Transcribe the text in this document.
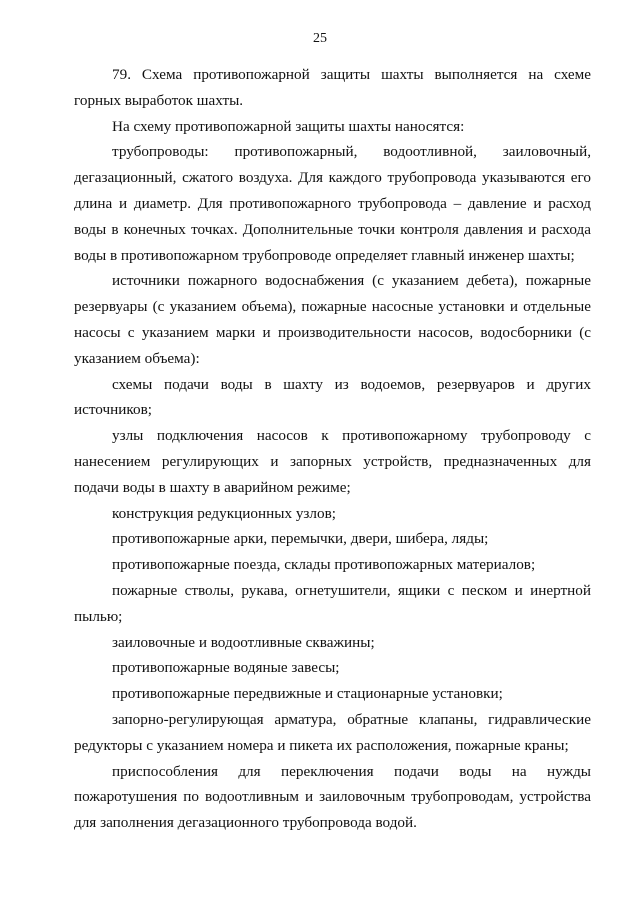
25

79. Схема противопожарной защиты шахты выполняется на схеме горных выработок шахты.

На схему противопожарной защиты шахты наносятся:

трубопроводы: противопожарный, водоотливной, заиловочный, дегазационный, сжатого воздуха. Для каждого трубопровода указываются его длина и диаметр. Для противопожарного трубопровода – давление и расход воды в конечных точках. Дополнительные точки контроля давления и расхода воды в противопожарном трубопроводе определяет главный инженер шахты;

источники пожарного водоснабжения (с указанием дебета), пожарные резервуары (с указанием объема), пожарные насосные установки и отдельные насосы с указанием марки и производительности насосов, водосборники (с указанием объема):

схемы подачи воды в шахту из водоемов, резервуаров и других источников;

узлы подключения насосов к противопожарному трубопроводу с нанесением регулирующих и запорных устройств, предназначенных для подачи воды в шахту в аварийном режиме;

конструкция редукционных узлов;

противопожарные арки, перемычки, двери, шибера, ляды;

противопожарные поезда, склады противопожарных материалов;

пожарные стволы, рукава, огнетушители, ящики с песком и инертной пылью;

заиловочные и водоотливные скважины;

противопожарные водяные завесы;

противопожарные передвижные и стационарные установки;

запорно-регулирующая арматура, обратные клапаны, гидравлические редукторы с указанием номера и пикета их расположения, пожарные краны;

приспособления для переключения подачи воды на нужды пожаротушения по водоотливным и заиловочным трубопроводам, устройства для заполнения дегазационного трубопровода водой.
